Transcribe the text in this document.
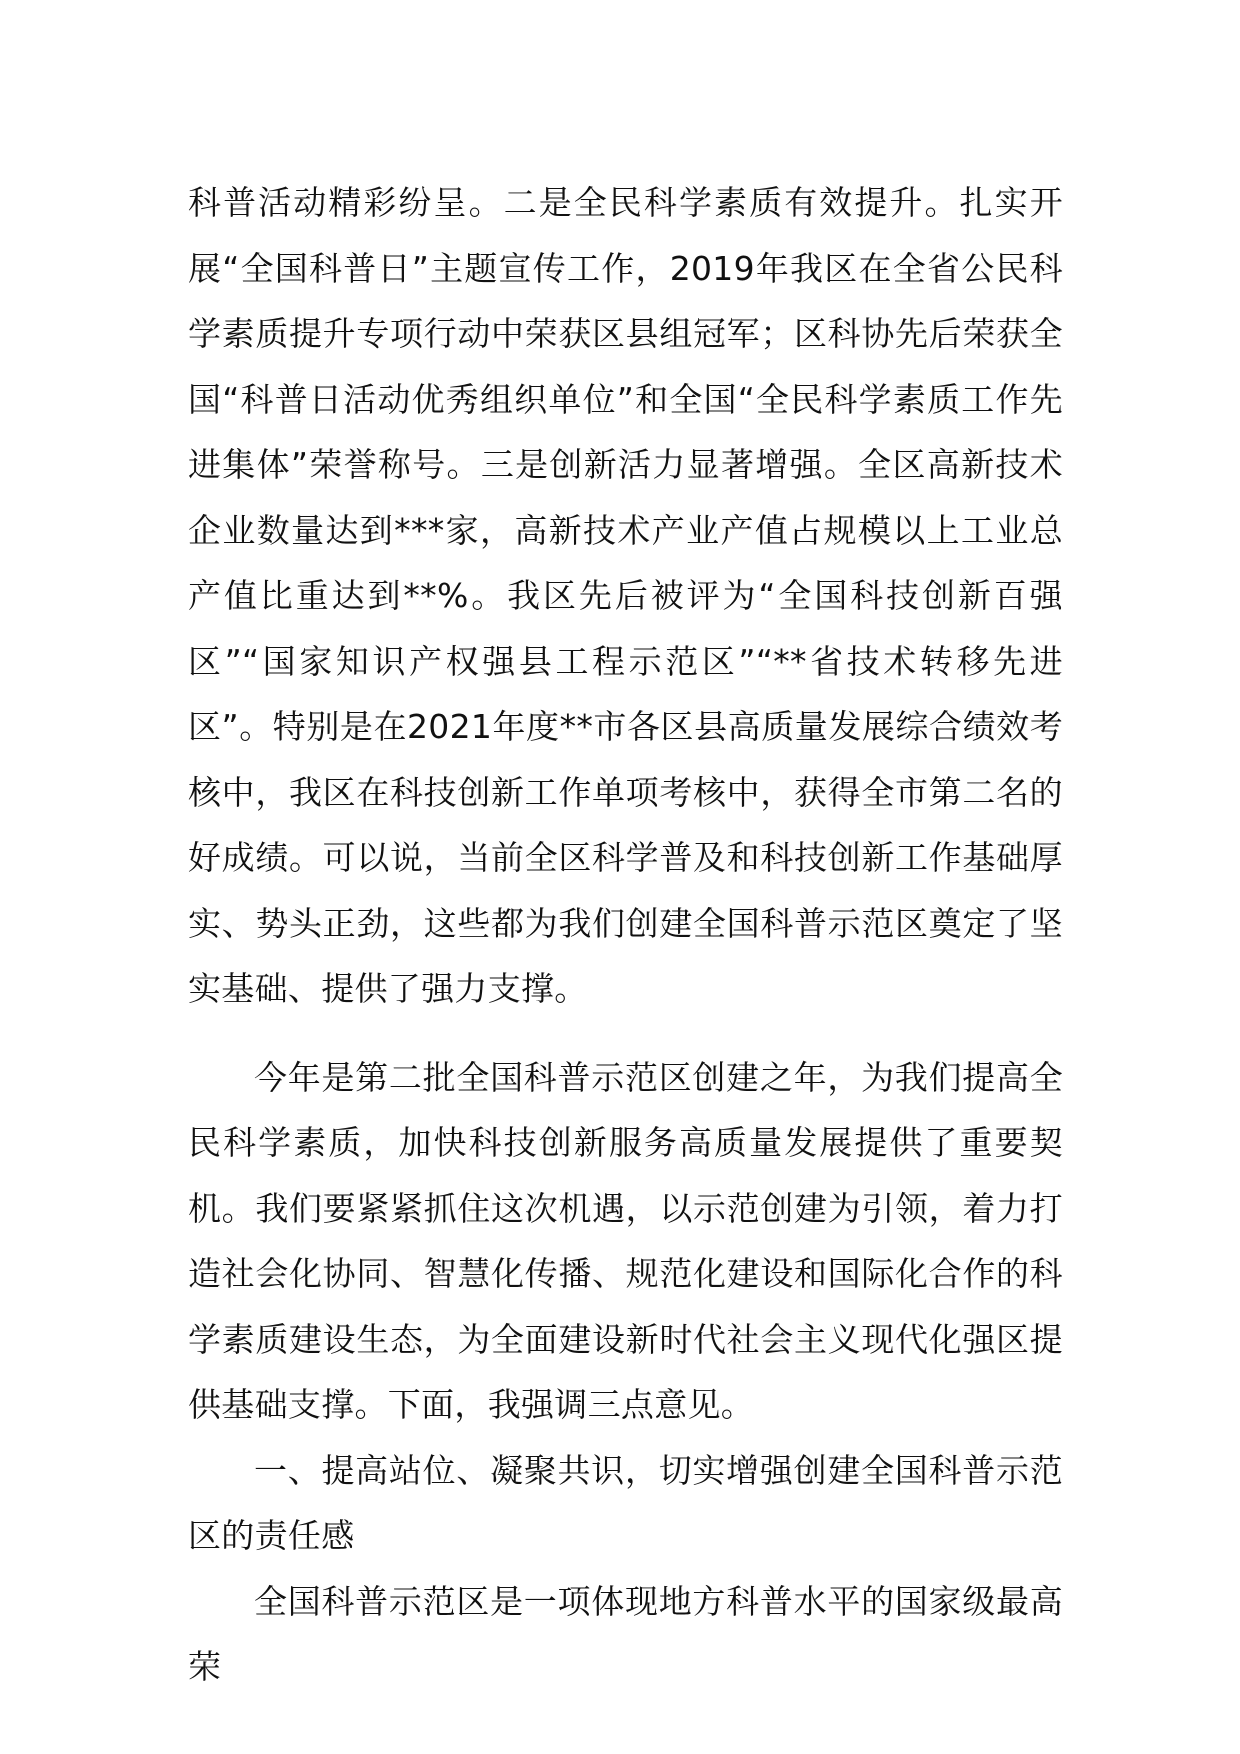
科普活动精彩纷呈。二是全民科学素质有效提升。扎实开展“全国科普日”主题宣传工作，2019年我区在全省公民科学素质提升专项行动中荣获区县组冠军；区科协先后荣获全国“科普日活动优秀组织单位”和全国“全民科学素质工作先进集体”荣誉称号。三是创新活力显著增强。全区高新技术企业数量达到***家，高新技术产业产值占规模以上工业总产值比重达到**%。我区先后被评为“全国科技创新百强区”“国家知识产权强县工程示范区”“**省技术转移先进区”。特别是在2021年度**市各区县高质量发展综合绩效考核中，我区在科技创新工作单项考核中，获得全市第二名的好成绩。可以说，当前全区科学普及和科技创新工作基础厚实、势头正劲，这些都为我们创建全国科普示范区奠定了坚实基础、提供了强力支撑。

今年是第二批全国科普示范区创建之年，为我们提高全民科学素质，加快科技创新服务高质量发展提供了重要契机。我们要紧紧抓住这次机遇，以示范创建为引领，着力打造社会化协同、智慧化传播、规范化建设和国际化合作的科学素质建设生态，为全面建设新时代社会主义现代化强区提供基础支撑。下面，我强调三点意见。

一、提高站位、凝聚共识，切实增强创建全国科普示范区的责任感

全国科普示范区是一项体现地方科普水平的国家级最高荣
